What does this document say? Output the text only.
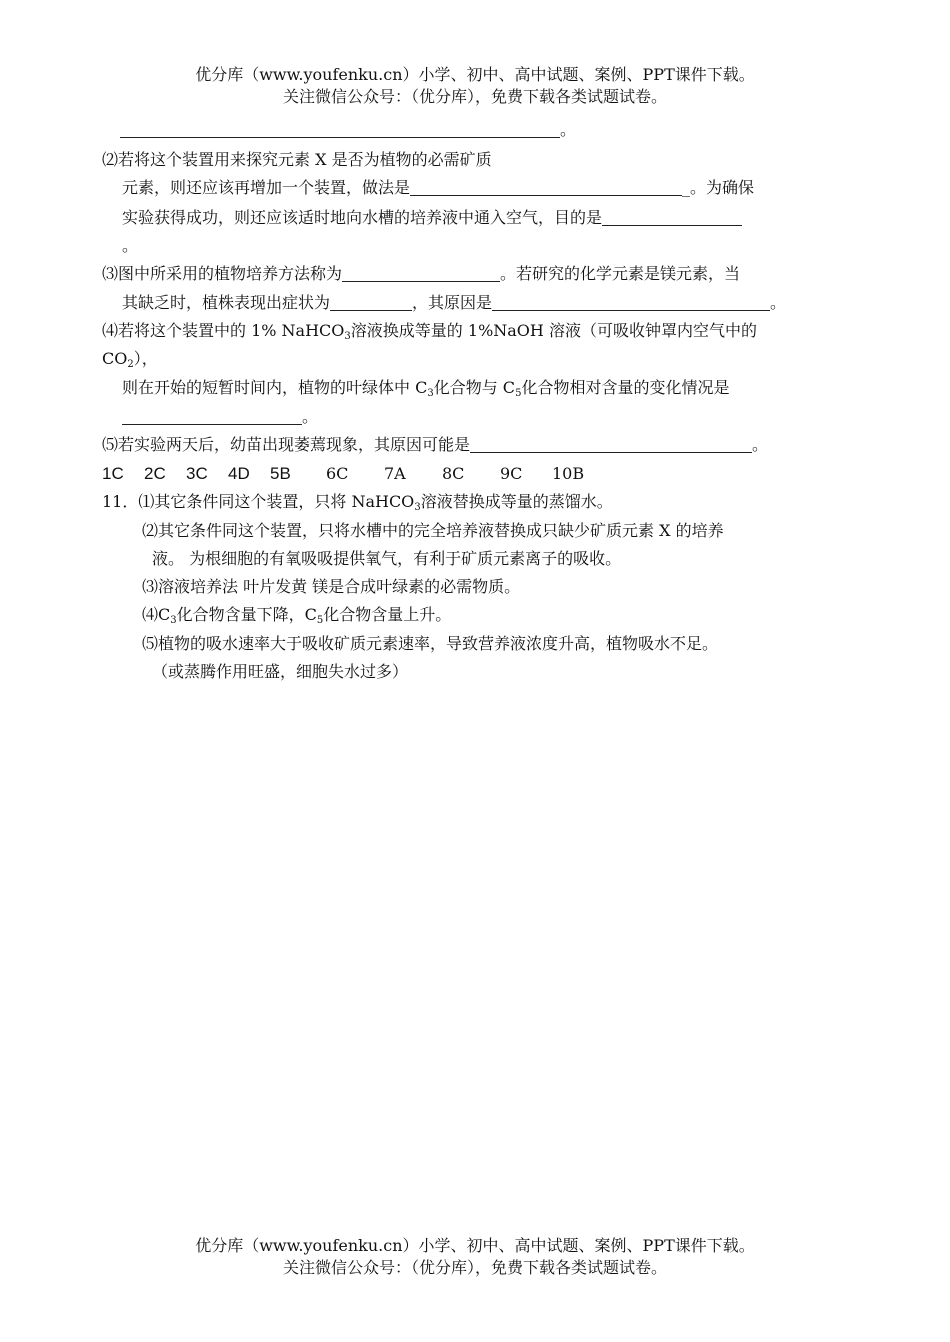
优分库（www.youfenku.cn）小学、初中、高中试题、案例、PPT课件下载。
关注微信公众号：（优分库），免费下载各类试题试卷。
。
⑵若将这个装置用来探究元素 X 是否为植物的必需矿质
元素，则还应该再增加一个装置，做法是	_。为确保
实验获得成功，则还应该适时地向水槽的培养液中通入空气，目的是
。
⑶图中所采用的植物培养方法称为	。若研究的化学元素是镁元素，当
其缺乏时，植株表现出症状为	，其原因是	。
⑷若将这个装置中的 1% NaHCO$_3$溶液换成等量的 1%NaOH 溶液（可吸收钟罩内空气中的
$CO_2$），
则在开始的短暂时间内，植物的叶绿体中 $C_3$化合物与 $C_5$化合物相对含量的变化情况是
。
⑸若实验两天后，幼苗出现萎蔫现象，其原因可能是	。
1C 2C 3C 4D 5B 6C 7A 8C 9C 10B
11．⑴其它条件同这个装置，只将 NaHCO$_3$溶液替换成等量的蒸馏水。
⑵其它条件同这个装置，只将水槽中的完全培养液替换成只缺少矿质元素 X 的培养
液。 为根细胞的有氧吸吸提供氧气，有利于矿质元素离子的吸收。
⑶溶液培养法 叶片发黄 镁是合成叶绿素的必需物质。
$⑷C_3$化合物含量下降，$C_5$化合物含量上升。
⑸植物的吸水速率大于吸收矿质元素速率，导致营养液浓度升高，植物吸水不足。
（或蒸腾作用旺盛，细胞失水过多）
优分库（www.youfenku.cn）小学、初中、高中试题、案例、PPT课件下载。
关注微信公众号：（优分库），免费下载各类试题试卷。
